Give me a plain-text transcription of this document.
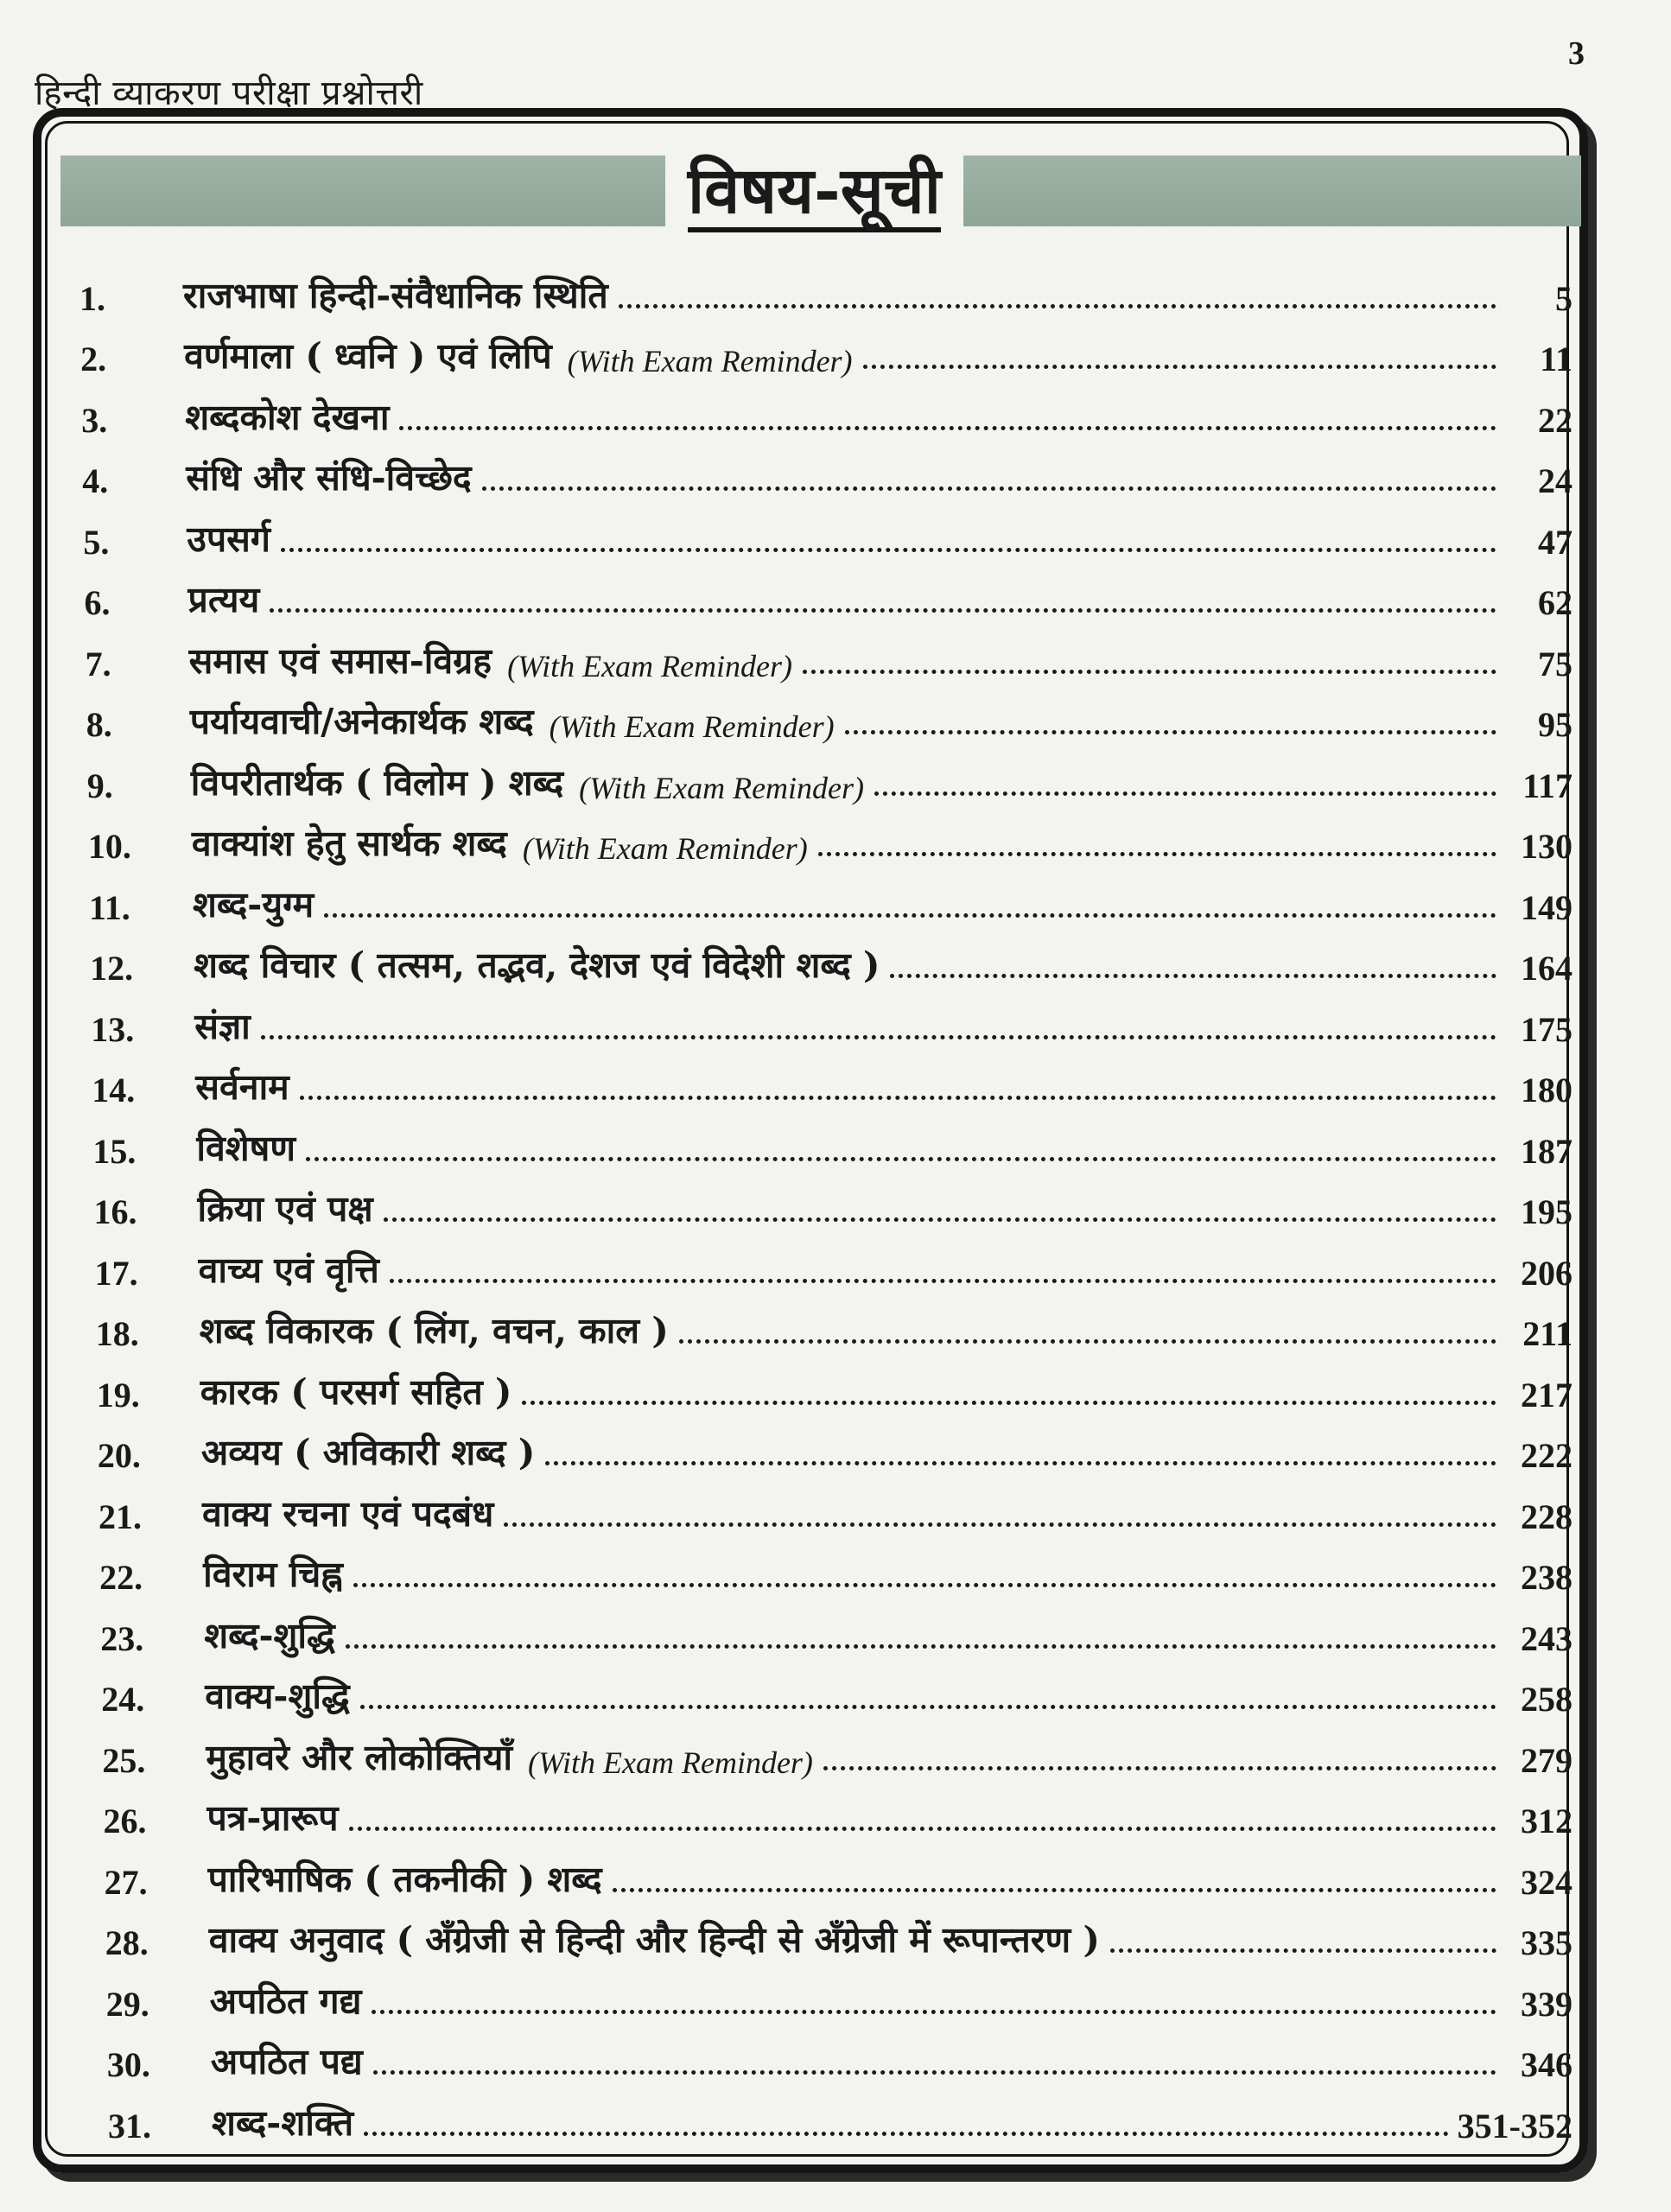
3
हिन्दी व्याकरण परीक्षा प्रश्नोत्तरी
विषय-सूची
1.	राजभाषा हिन्दी-संवैधानिक स्थिति	5
2.	वर्णमाला ( ध्वनि ) एवं लिपि (With Exam Reminder)	11
3.	शब्दकोश देखना	22
4.	संधि और संधि-विच्छेद	24
5.	उपसर्ग	47
6.	प्रत्यय	62
7.	समास एवं समास-विग्रह (With Exam Reminder)	75
8.	पर्यायवाची/अनेकार्थक शब्द (With Exam Reminder)	95
9.	विपरीतार्थक ( विलोम ) शब्द (With Exam Reminder)	117
10.	वाक्यांश हेतु सार्थक शब्द (With Exam Reminder)	130
11.	शब्द-युग्म	149
12.	शब्द विचार ( तत्सम, तद्भव, देशज एवं विदेशी शब्द )	164
13.	संज्ञा	175
14.	सर्वनाम	180
15.	विशेषण	187
16.	क्रिया एवं पक्ष	195
17.	वाच्य एवं वृत्ति	206
18.	शब्द विकारक ( लिंग, वचन, काल )	211
19.	कारक ( परसर्ग सहित )	217
20.	अव्यय ( अविकारी शब्द )	222
21.	वाक्य रचना एवं पदबंध	228
22.	विराम चिह्न	238
23.	शब्द-शुद्धि	243
24.	वाक्य-शुद्धि	258
25.	मुहावरे और लोकोक्तियाँ (With Exam Reminder)	279
26.	पत्र-प्रारूप	312
27.	पारिभाषिक ( तकनीकी ) शब्द	324
28.	वाक्य अनुवाद ( अँग्रेजी से हिन्दी और हिन्दी से अँग्रेजी में रूपान्तरण )	335
29.	अपठित गद्य	339
30.	अपठित पद्य	346
31.	शब्द-शक्ति	351-352
